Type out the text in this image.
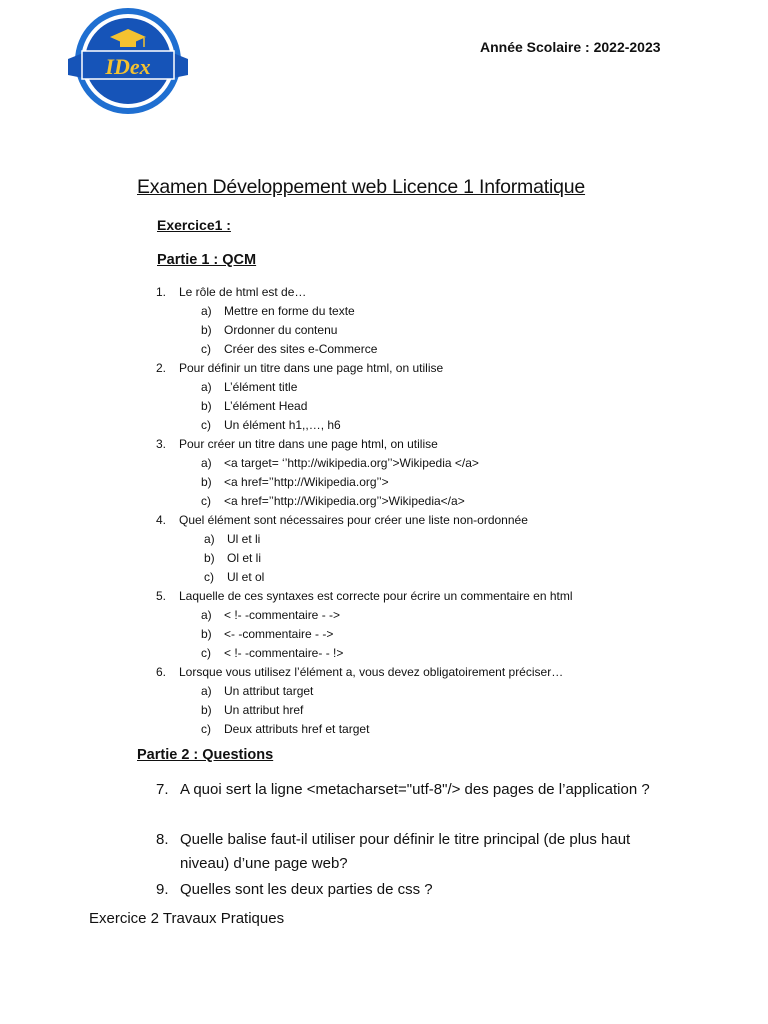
IDex
Année Scolaire : 2022-2023
Examen Développement web Licence 1 Informatique
Exercice1 :
Partie 1 : QCM
1. Le rôle de html est de…
a) Mettre en forme du texte
b) Ordonner du contenu
c) Créer des sites e-Commerce
2. Pour définir un titre dans une page html, on utilise
a) L’élément title
b) L’élément Head
c) Un élément h1,,…, h6
3. Pour créer un titre dans une page html, on utilise
a) <a target= ‘’http://wikipedia.org’’>Wikipedia </a>
b) <a href=’’http://Wikipedia.org’’>
c) <a href=’’http://Wikipedia.org’’>Wikipedia</a>
4. Quel élément sont nécessaires pour créer une liste non-ordonnée
a) Ul et li
b) Ol et li
c) Ul et ol
5. Laquelle de ces syntaxes est correcte pour écrire un commentaire en html
a) < !- -commentaire - ->
b) <- -commentaire - ->
c) < !- -commentaire- - !>
6. Lorsque vous utilisez l’élément a, vous devez obligatoirement préciser…
a) Un attribut target
b) Un attribut href
c) Deux attributs href et target
Partie 2 : Questions
7. A quoi sert la ligne <metacharset="utf-8"/> des pages de l’application ?
8. Quelle balise faut-il utiliser pour définir le titre principal (de plus haut niveau) d’une page web?
9. Quelles sont les deux parties de css ?
Exercice 2 Travaux Pratiques
